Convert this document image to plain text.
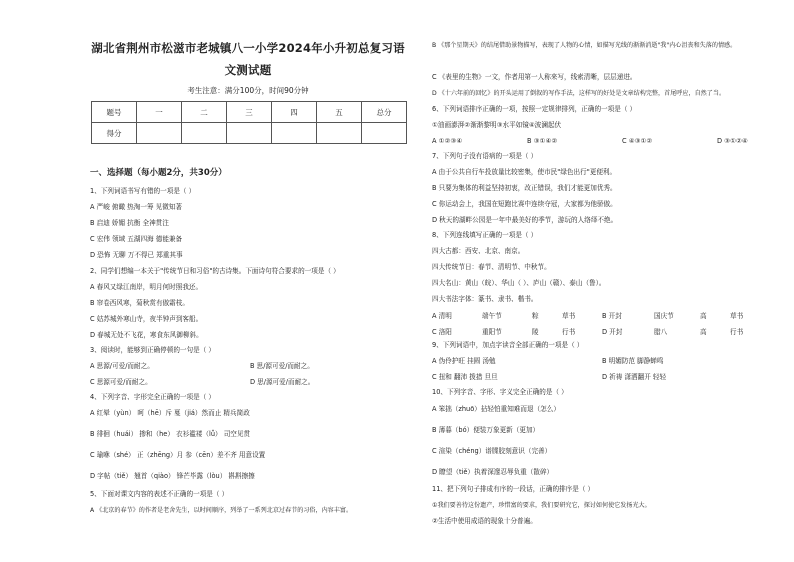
湖北省荆州市松滋市老城镇八一小学2024年小升初总复习语
文测试题
考生注意：满分100分，时间90分钟
题号	一	二	三	四	五	总分
得分						
一、选择题（每小题2分，共30分）
1、下列词语书写有错的一项是（ ）
A 严峻 俯瞰 热淘一筹 见微知著
B 启迪 娇媚 抗衡 全神贯注
C 宏伟 领域 五湖四海 德能兼备
D 恐怖 无聊 万不得已 郑重其事
2、同学们想编一本关于"传统节日和习俗"的古诗集。下面诗句符合要求的一项是（ ）
A 春风又绿江南岸，明月何时照我还。
B 帘卷西风寒，菊秋赏有傲霜枝。
C 姑苏城外寒山寺，夜半钟声到客船。
D 春城无处不飞花，寒食东风御柳斜。
3、阅读时，能够到正确停顿的一句是（ ）
A 思源/可爱/而耐之。	B 思/源可爱/而耐之。
C 思源可爱/而耐之。	D 思/源可爱/而耐之。
4、下列字音、字形完全正确的一项是（ ）
A 红晕（yùn） 呵（hē）斥 戛（jiá）然而止 精兵简政
B 徘徊（huái） 掺和（he） 衣衫褴褛（lǚ） 司空见贯
C 瑜咻（shé） 正（zhēng）月 参（cēn）差不齐 用意设置
D 字帖（tiě） 翘首（qiào） 锋芒毕露（lòu） 斟斟擦擦
5、下面对课文内容的表述不正确的一项是（ ）
A 《北京的春节》的作者是老舍先生，以时间顺序，列举了一系列北京过春节的习俗，内容丰富。
B 《那个星期天》的结尾借助景物描写，表现了人物的心情，如描写光线的渐渐消逝"我"内心沮丧和失落的情感。
C 《表里的生物》一文，作者用第一人称来写，线索清晰，层层递进。
D 《十六年前的回忆》的开头运用了倒叙的写作手法，这样写的好处是文章结构完整，首尾呼应，自然了当。
6、下列词语排序正确的一项，按照一定规律排列，正确的一项是（ ）
①油画澎湃②渐渐黎明③水平如镜④波澜起伏
A ①②③④	B ③①④②	C ④③①②	D ③①②④
7、下列句子没有语病的一项是（ ）
A 由于公共自行车投放量比较密集，使市民"绿色出行"更便利。
B 只要为集体的利益坚持初衷，改正错误，我们才能更加优秀。
C 你运动会上，我国在短跑比赛中连续夺冠，大家都为他骄傲。
D 秋天的湖畔公园是一年中最美好的季节，游玩的人络绎不绝。
8、下列连线填写正确的一项是（ ）
四大古都：西安、北京、南京。
四大传统节日：春节、清明节、中秋节。
四大名山：黄山（皖）、华山（ ）、庐山（赣）、泰山（鲁）。
四大书法字体：篆书、隶书、楷书。
A 清明	端午节	粽	草书	B 开封	国庆节	高	草书
C 洛阳	重阳节	陵	行书	D 开封	腊八	高	行书
9、下列词语中，加点字读音全部正确的一项是（ ）
A 伪伶护旺 挂圆 汤勉	B 明媚防范 脚静蝉鸣
C 扭和 翻沛 拨措 旦旦	D 祈祷 潇洒翻开 轻轻
10、下列字音、字形、字义完全正确的是（ ）
A 笨拙（zhuō）拈轻怕重知难而退（怎么）
B 薄暮（bó）便装万象更新（更加）
C 渲染（chéng）谱牒胶刻意识（完善）
D 瞭望（tiě）执着深邃忍辱负重（散碎）
11、把下列句子排成有序的一段话，正确的排序是（ ）
①我们要善待这份遗产，珍惜富的要求，我们要研究它，探讨如何使它发扬光大。
②生活中使用成语的现象十分普遍。
